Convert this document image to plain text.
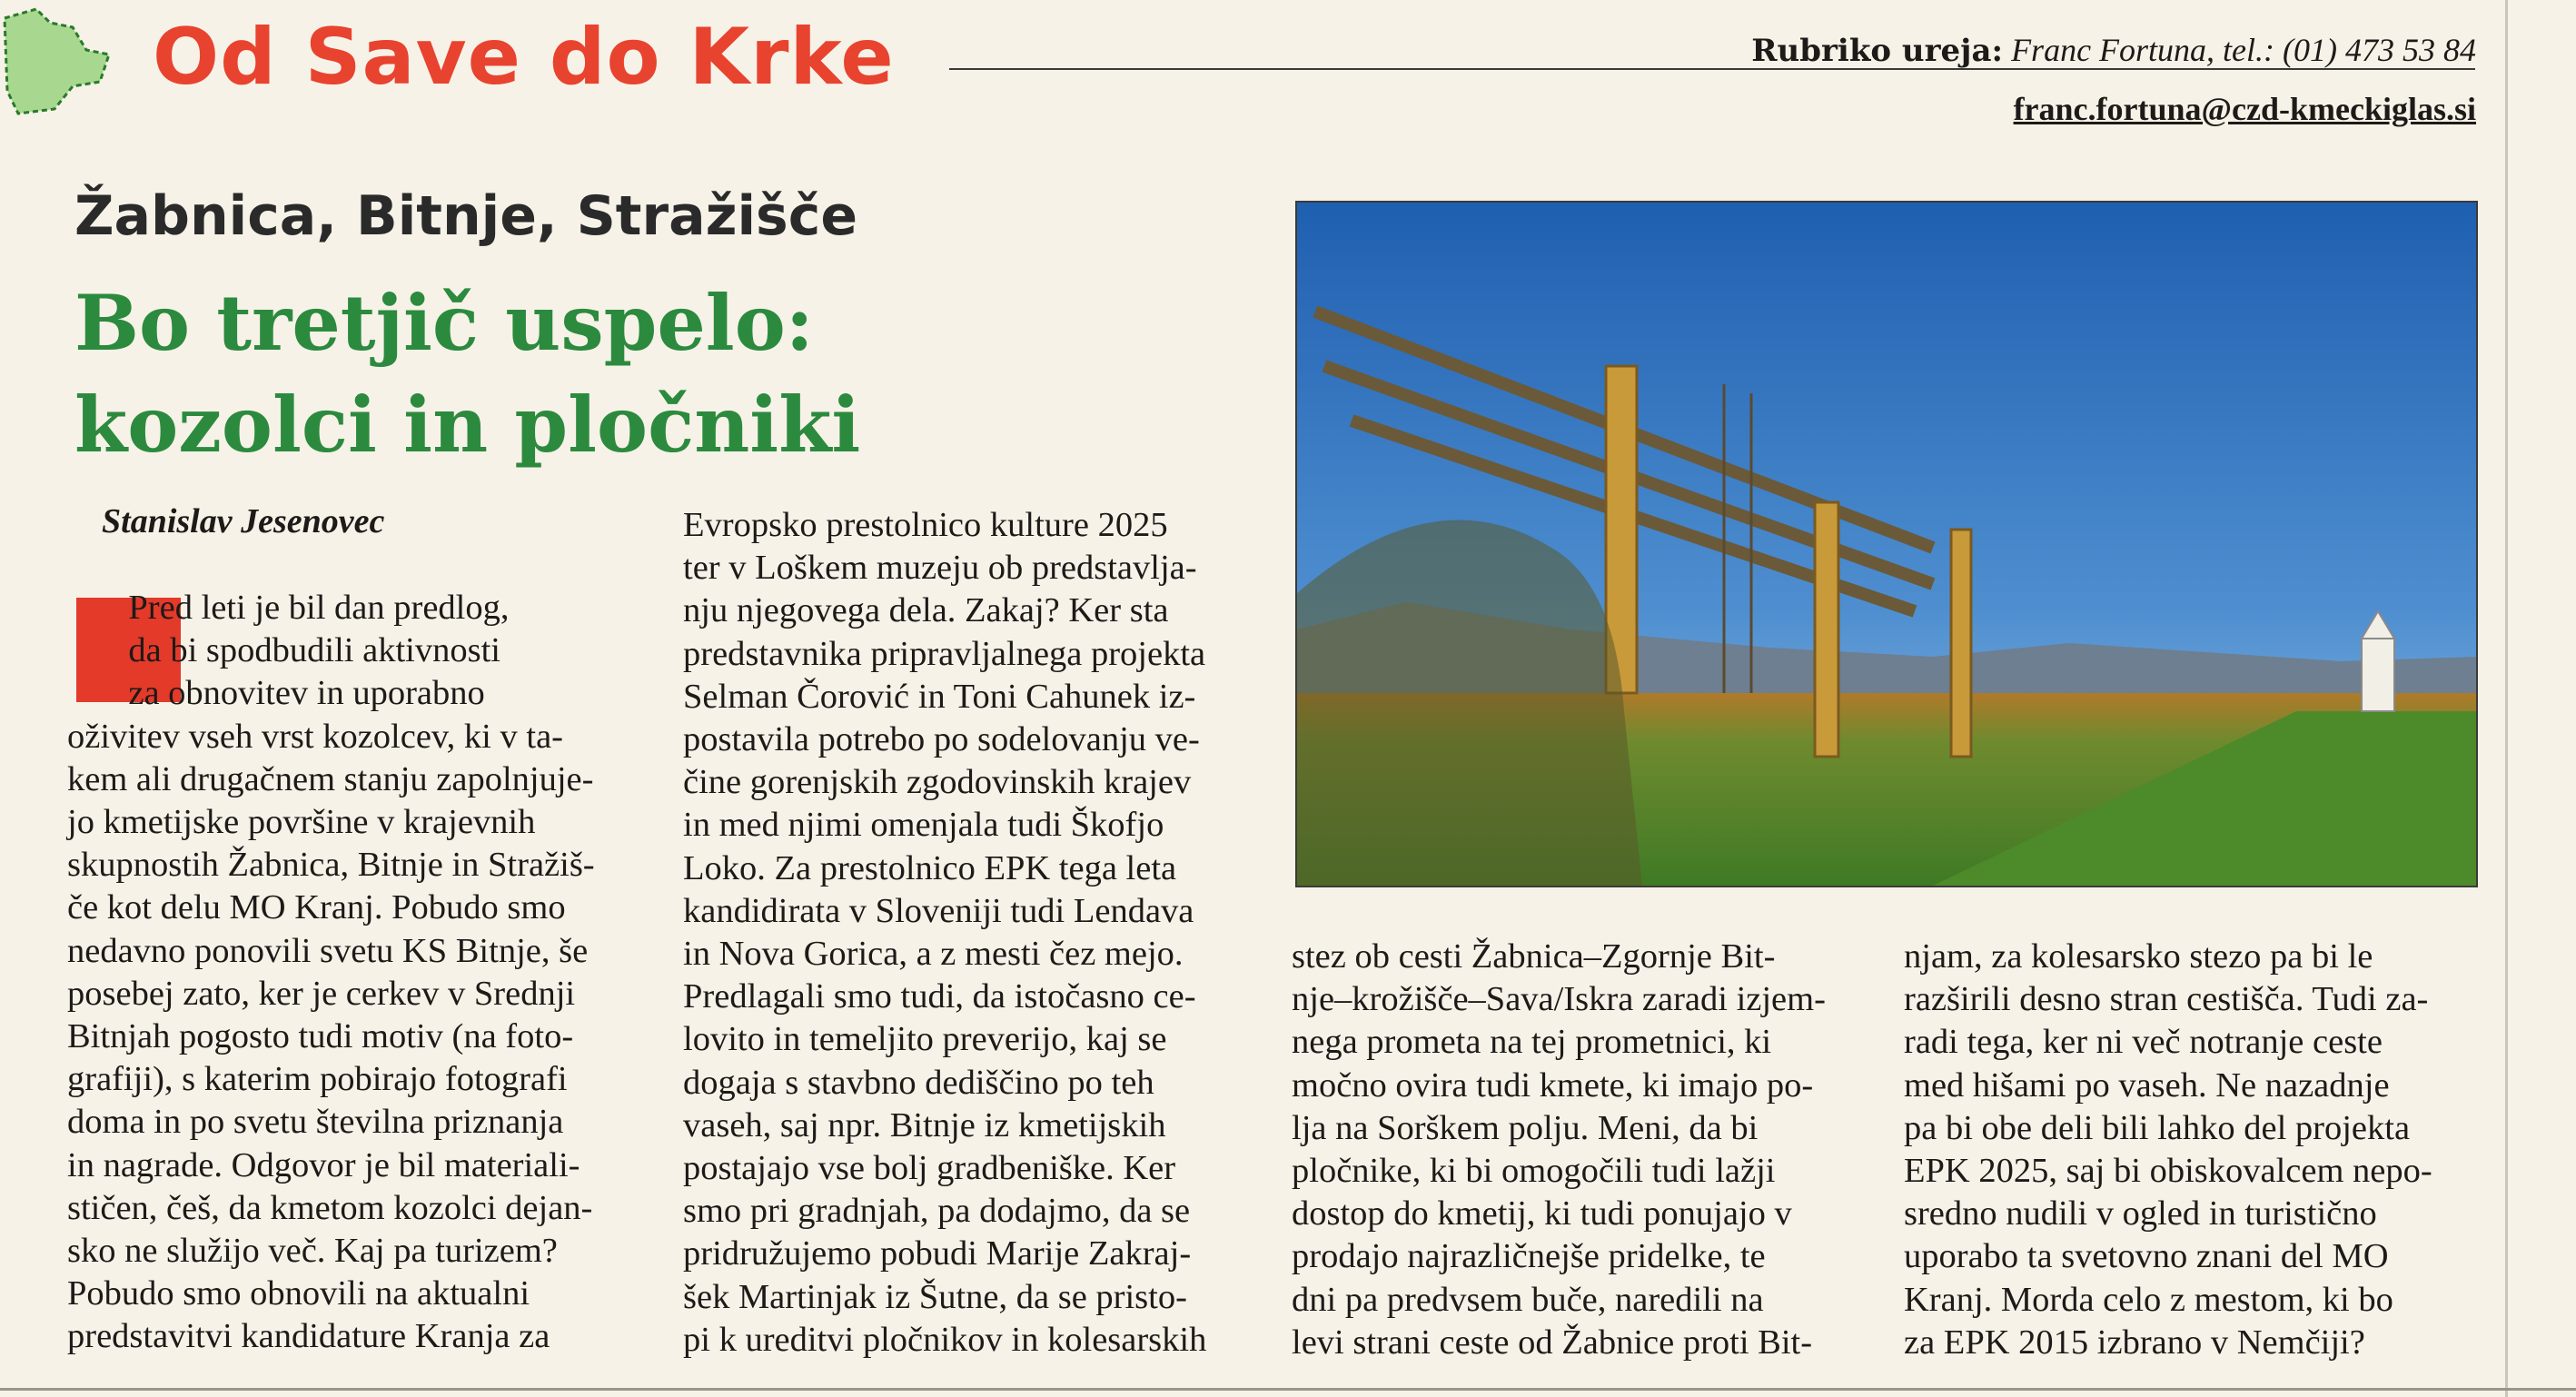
Od Save do Krke	Rubriko ureja: Franc Fortuna, tel.: (01) 473 53 84

franc.fortuna@czd-kmeckiglas.si

Žabnica, Bitnje, Stražišče
Bo tretjič uspelo:
kozolci in pločniki

Stanislav Jesenovec

Pred leti je bil dan predlog,
da bi spodbudili aktivnosti
za obnovitev in uporabno
oživitev vseh vrst kozolcev, ki v ta-
kem ali drugačnem stanju zapolnjuje-
jo kmetijske površine v krajevnih
skupnostih Žabnica, Bitnje in Stražiš-
če kot delu MO Kranj. Pobudo smo
nedavno ponovili svetu KS Bitnje, še
posebej zato, ker je cerkev v Srednji
Bitnjah pogosto tudi motiv (na foto-
grafiji), s katerim pobirajo fotografi
doma in po svetu številna priznanja
in nagrade. Odgovor je bil materiali-
stičen, češ, da kmetom kozolci dejan-
sko ne služijo več. Kaj pa turizem?
Pobudo smo obnovili na aktualni
predstavitvi kandidature Kranja za

Evropsko prestolnico kulture 2025
ter v Loškem muzeju ob predstavlja-
nju njegovega dela. Zakaj? Ker sta
predstavnika pripravljalnega projekta
Selman Čorović in Toni Cahunek iz-
postavila potrebo po sodelovanju ve-
čine gorenjskih zgodovinskih krajev
in med njimi omenjala tudi Škofjo
Loko. Za prestolnico EPK tega leta
kandidirata v Sloveniji tudi Lendava
in Nova Gorica, a z mesti čez mejo.
Predlagali smo tudi, da istočasno ce-
lovito in temeljito preverijo, kaj se
dogaja s stavbno dediščino po teh
vaseh, saj npr. Bitnje iz kmetijskih
postajajo vse bolj gradbeniške. Ker
smo pri gradnjah, pa dodajmo, da se
pridružujemo pobudi Marije Zakraj-
šek Martinjak iz Šutne, da se pristo-
pi k ureditvi pločnikov in kolesarskih

stez ob cesti Žabnica–Zgornje Bit-
nje–krožišče–Sava/Iskra zaradi izjem-
nega prometa na tej prometnici, ki
močno ovira tudi kmete, ki imajo po-
lja na Sorškem polju. Meni, da bi
pločnike, ki bi omogočili tudi lažji
dostop do kmetij, ki tudi ponujajo v
prodajo najrazličnejše pridelke, te
dni pa predvsem buče, naredili na
levi strani ceste od Žabnice proti Bit-

njam, za kolesarsko stezo pa bi le
razširili desno stran cestišča. Tudi za-
radi tega, ker ni več notranje ceste
med hišami po vaseh. Ne nazadnje
pa bi obe deli bili lahko del projekta
EPK 2025, saj bi obiskovalcem nepo-
sredno nudili v ogled in turistično
uporabo ta svetovno znani del MO
Kranj. Morda celo z mestom, ki bo
za EPK 2015 izbrano v Nemčiji?
